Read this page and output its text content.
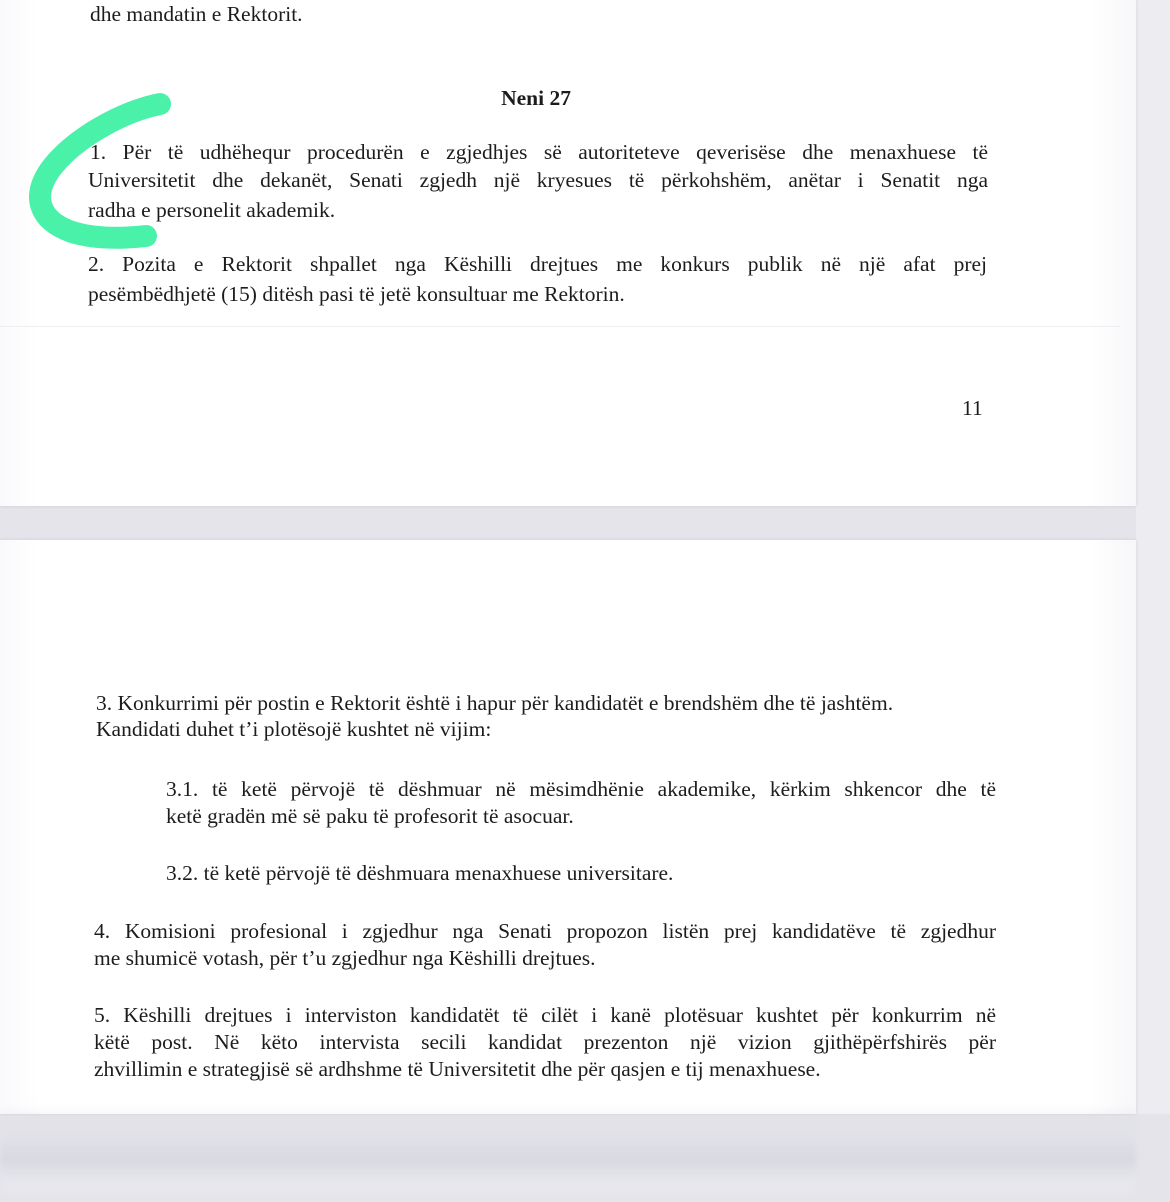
dhe mandatin e Rektorit.
Neni 27
1. Për të udhëhequr procedurën e zgjedhjes së autoriteteve qeverisëse dhe menaxhuese të
Universitetit dhe dekanët, Senati zgjedh një kryesues të përkohshëm, anëtar i Senatit nga
radha e personelit akademik.
2. Pozita e Rektorit shpallet nga Këshilli drejtues me konkurs publik në një afat prej
pesëmbëdhjetë (15) ditësh pasi të jetë konsultuar me Rektorin.
11
3. Konkurrimi për postin e Rektorit është i hapur për kandidatët e brendshëm dhe të jashtëm.
Kandidati duhet t’i plotësojë kushtet në vijim:
3.1. të ketë përvojë të dëshmuar në mësimdhënie akademike, kërkim shkencor dhe të
ketë gradën më së paku të profesorit të asocuar.
3.2. të ketë përvojë të dëshmuara menaxhuese universitare.
4. Komisioni profesional i zgjedhur nga Senati propozon listën prej kandidatëve të zgjedhur
me shumicë votash, për t’u zgjedhur nga Këshilli drejtues.
5. Këshilli drejtues i interviston kandidatët të cilët i kanë plotësuar kushtet për konkurrim në
këtë post. Në këto intervista secili kandidat prezenton një vizion gjithëpërfshirës për
zhvillimin e strategjisë së ardhshme të Universitetit dhe për qasjen e tij menaxhuese.
